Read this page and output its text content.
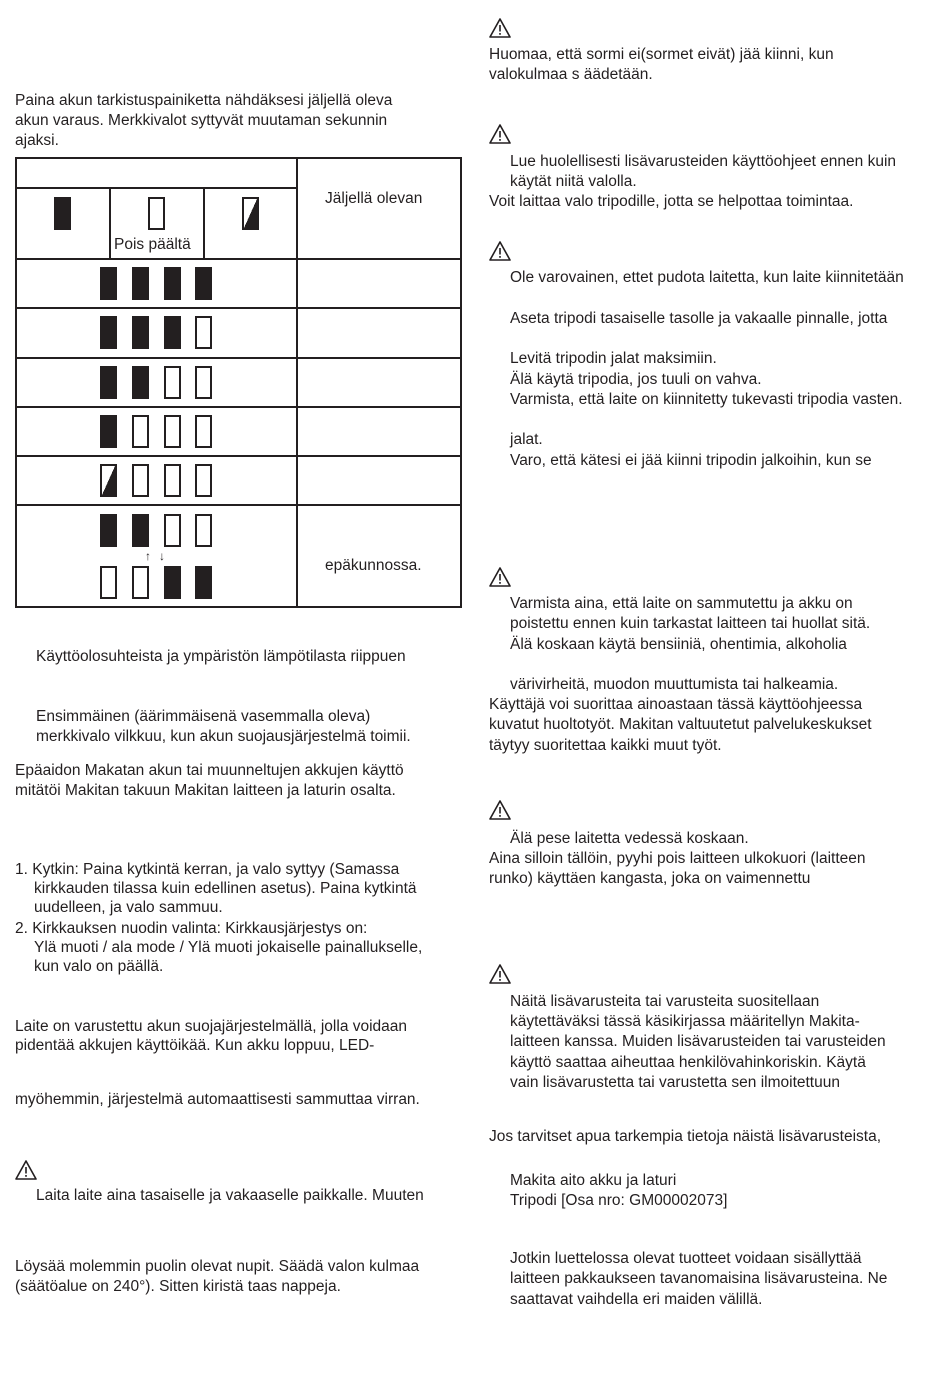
Paina akun tarkistuspainiketta nähdäksesi jäljellä oleva

akun varaus. Merkkivalot syttyvät muutaman sekunnin

ajaksi.

Pois päältä
Jäljellä olevan
↑ ↓
epäkunnossa.

Käyttöolosuhteista ja ympäristön lämpötilasta riippuen

Ensimmäinen (äärimmäisenä vasemmalla oleva)

merkkivalo vilkkuu, kun akun suojausjärjestelmä toimii.

Epäaidon Makatan akun tai muunneltujen akkujen käyttö

mitätöi Makitan takuun Makitan laitteen ja laturin osalta.

1. Kytkin: Paina kytkintä kerran, ja valo syttyy (Samassa

kirkkauden tilassa kuin edellinen asetus). Paina kytkintä

uudelleen, ja valo sammuu.

2. Kirkkauksen nuodin valinta: Kirkkausjärjestys on:

Ylä muoti / ala mode / Ylä muoti jokaiselle painallukselle,

kun valo on päällä.

Laite on varustettu akun suojajärjestelmällä, jolla voidaan

pidentää akkujen käyttöikää. Kun akku loppuu, LED-

myöhemmin, järjestelmä automaattisesti sammuttaa virran.

Laita laite aina tasaiselle ja vakaaselle paikkalle. Muuten

Löysää molemmin puolin olevat nupit. Säädä valon kulmaa

(säätöalue on 240°). Sitten kiristä taas nappeja.

Huomaa, että sormi ei(sormet eivät) jää kiinni, kun

valokulmaa s äädetään.

Lue huolellisesti lisävarusteiden käyttöohjeet ennen kuin

käytät niitä valolla.

Voit laittaa valo tripodille, jotta se helpottaa toimintaa.

Ole varovainen, ettet pudota laitetta, kun laite kiinnitetään

Aseta tripodi tasaiselle tasolle ja vakaalle pinnalle, jotta

Levitä tripodin jalat maksimiin.

Älä käytä tripodia, jos tuuli on vahva.

Varmista, että laite on kiinnitetty tukevasti tripodia vasten.

jalat.

Varo, että kätesi ei jää kiinni tripodin jalkoihin, kun se

Varmista aina, että laite on sammutettu ja akku on

poistettu ennen kuin tarkastat laitteen tai huollat sitä.

Älä koskaan käytä bensiiniä, ohentimia, alkoholia

värivirheitä, muodon muuttumista tai halkeamia.

Käyttäjä voi suorittaa ainoastaan tässä käyttöohjeessa

kuvatut huoltotyöt. Makitan valtuutetut palvelukeskukset

täytyy suoritettaa kaikki muut työt.

Älä pese laitetta vedessä koskaan.

Aina silloin tällöin, pyyhi pois laitteen ulkokuori (laitteen

runko) käyttäen kangasta, joka on vaimennettu

Näitä lisävarusteita tai varusteita suositellaan

käytettäväksi tässä käsikirjassa määritellyn Makita-

laitteen kanssa. Muiden lisävarusteiden tai varusteiden

käyttö saattaa aiheuttaa henkilövahinkoriskin. Käytä

vain lisävarustetta tai varustetta sen ilmoitettuun

Jos tarvitset apua tarkempia tietoja näistä lisävarusteista,

Makita aito akku ja laturi

Tripodi [Osa nro: GM00002073]

Jotkin luettelossa olevat tuotteet voidaan sisällyttää

laitteen pakkaukseen tavanomaisina lisävarusteina. Ne

saattavat vaihdella eri maiden välillä.
